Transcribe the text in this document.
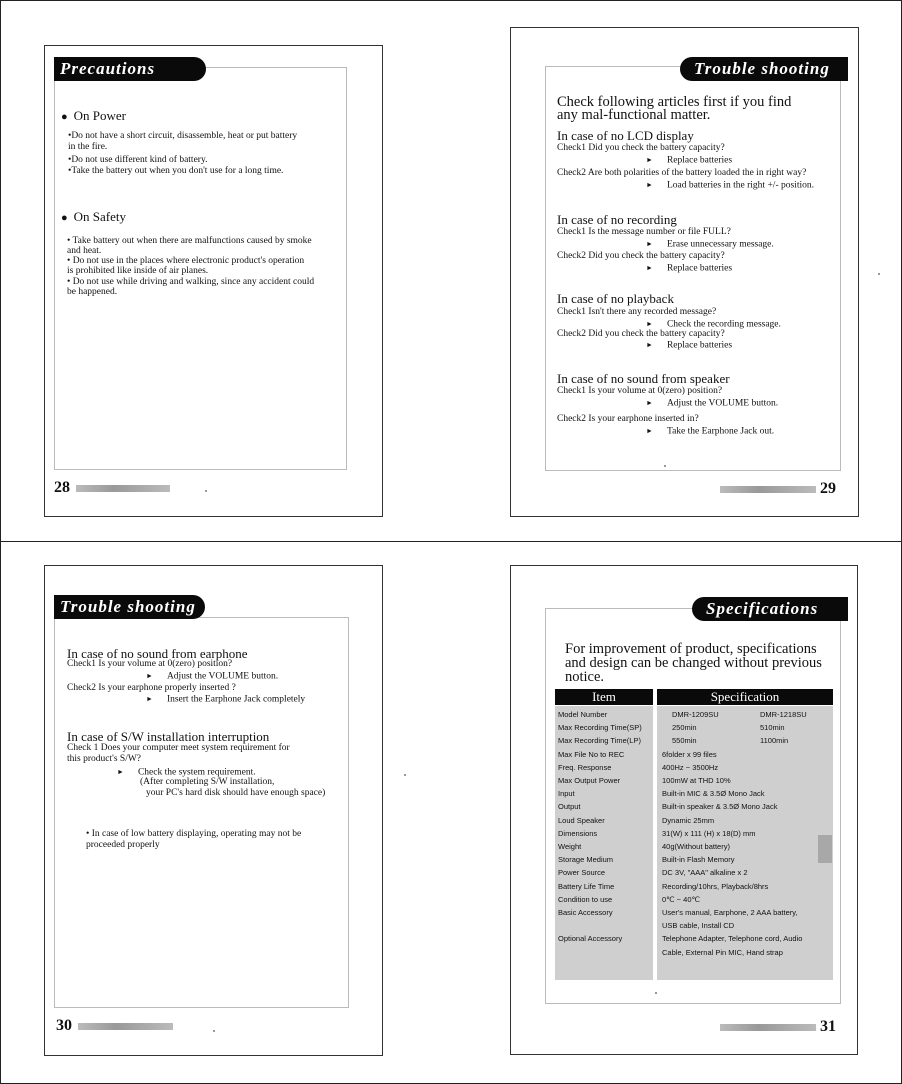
Precautions
● On Power
•Do not have a short circuit, disassemble, heat or put battery
in the fire.
•Do not use different kind of battery.
•Take the battery out when you don't use for a long time.
● On Safety
• Take battery out when there are malfunctions caused by smoke
and heat.
• Do not use in the places where electronic product's operation
is prohibited like inside of air planes.
• Do not use while driving and walking, since any accident could
be happened.
28
Trouble shooting
Check following articles first if you find
any mal-functional matter.
In case of no LCD display
Check1 Did you check the battery capacity?
► Replace batteries
Check2 Are both polarities of the battery loaded the in right way?
► Load batteries in the right +/- position.
In case of no recording
Check1 Is the message number or file FULL?
► Erase unnecessary message.
Check2 Did you check the battery capacity?
► Replace batteries
In case of no playback
Check1 Isn't there any recorded message?
► Check the recording message.
Check2 Did you check the battery capacity?
► Replace batteries
In case of no sound from speaker
Check1 Is your volume at 0(zero) position?
► Adjust the VOLUME button.
Check2 Is your earphone inserted in?
► Take the Earphone Jack out.
29
Trouble shooting
In case of no sound from earphone
Check1 Is your volume at 0(zero) position?
► Adjust the VOLUME button.
Check2 Is your earphone properly inserted ?
► Insert the Earphone Jack completely
In case of S/W installation interruption
Check 1 Does your computer meet system requirement for
this product's S/W?
► Check the system requirement.
(After completing S/W installation,
your PC's hard disk should have enough space)
• In case of low battery displaying, operating may not be
proceeded properly
30
Specifications
For improvement of product, specifications
and design can be changed without previous
notice.
Item	Specification
Model Number	DMR-1209SU	DMR-1218SU
Max Recording Time(SP)	250min	510min
Max Recording Time(LP)	550min	1100min
Max File No to REC	6folder x 99 files
Freq. Response	400Hz ~ 3500Hz
Max Output Power	100mW at THD 10%
Input	Built-in MIC & 3.5Ø Mono Jack
Output	Built-in speaker & 3.5Ø Mono Jack
Loud Speaker	Dynamic 25mm
Dimensions	31(W) x 111 (H) x 18(D) mm
Weight	40g(Without battery)
Storage Medium	Built-in Flash Memory
Power Source	DC 3V, "AAA" alkaline x 2
Battery Life Time	Recording/10hrs, Playback/8hrs
Condition to use	0℃ ~ 40℃
Basic Accessory	User's manual, Earphone, 2 AAA battery,
USB cable, Install CD
Optional Accessory	Telephone Adapter, Telephone cord, Audio
Cable, External Pin MIC, Hand strap
31
